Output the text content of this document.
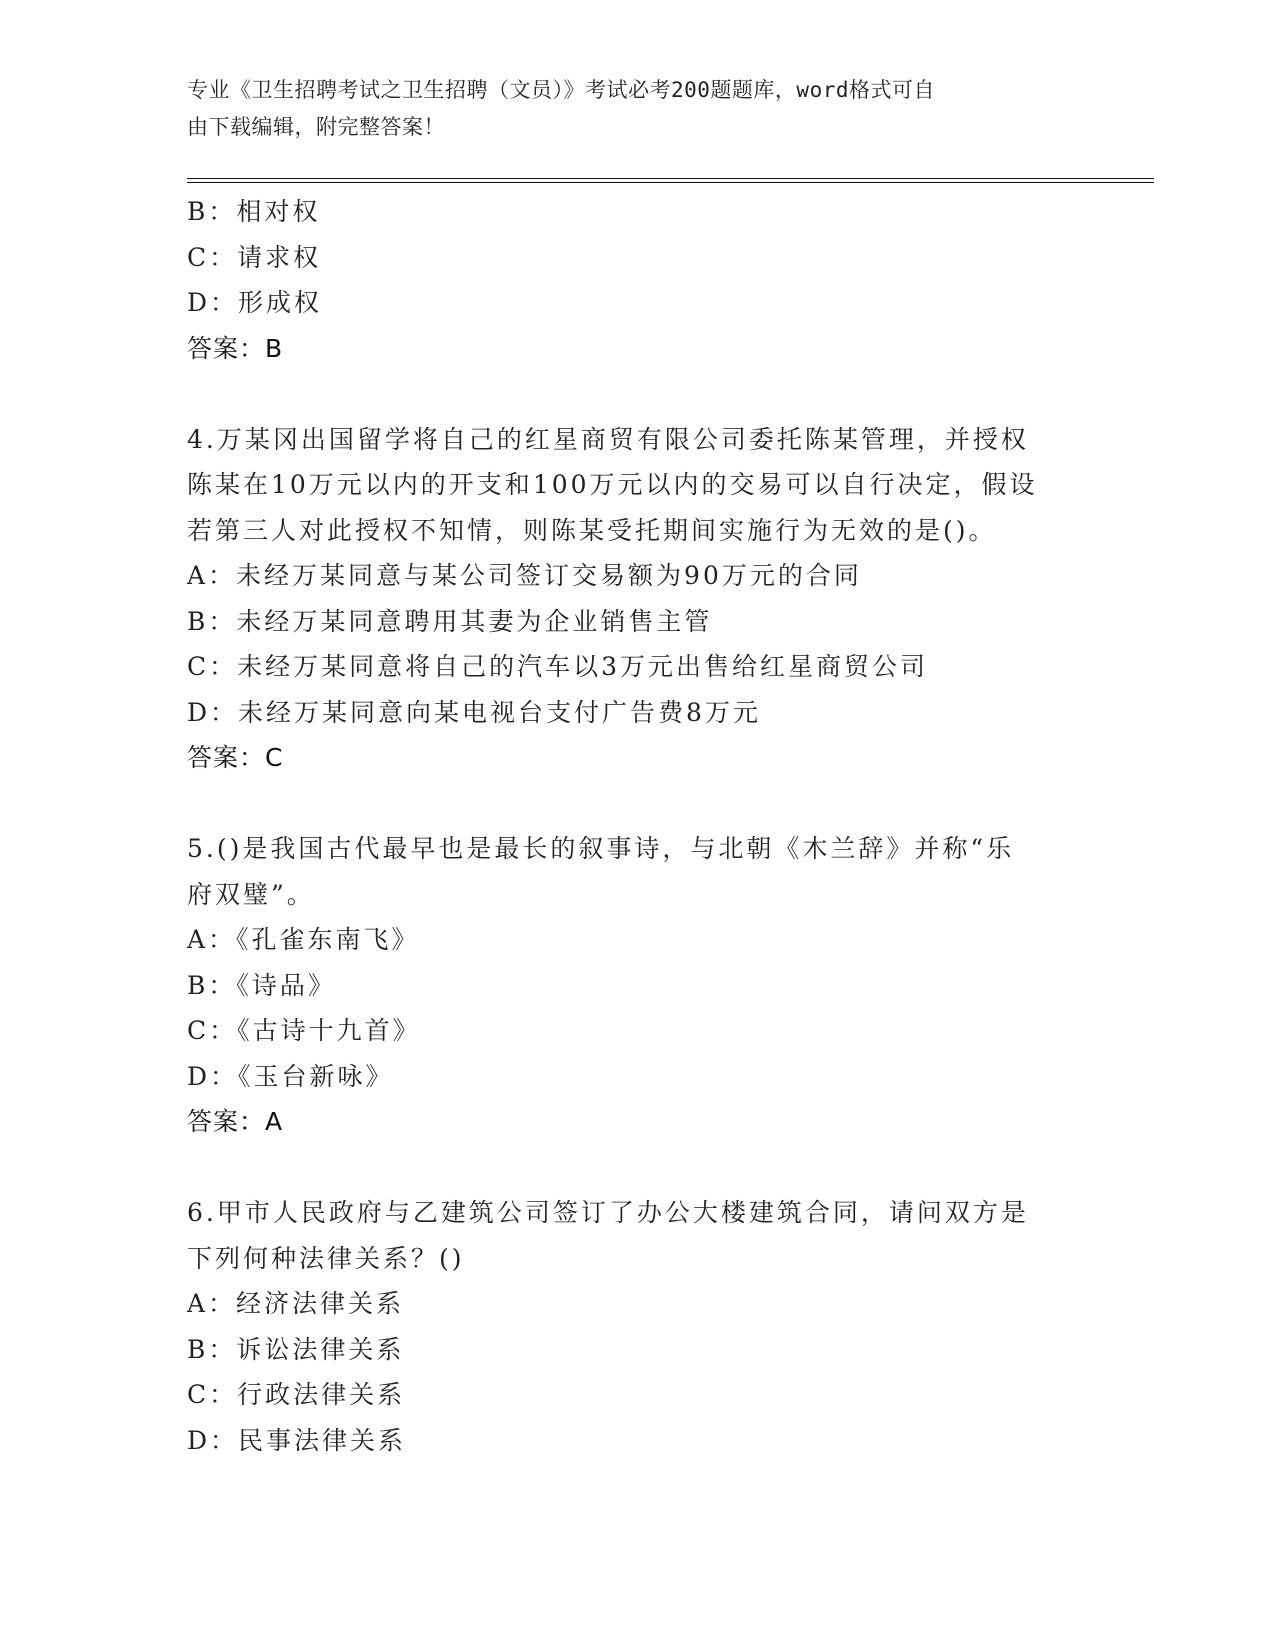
专业《卫生招聘考试之卫生招聘（文员）》考试必考200题题库，word格式可自
由下载编辑，附完整答案！
B：相对权
C：请求权
D：形成权
答案：B
4.万某冈出国留学将自己的红星商贸有限公司委托陈某管理，并授权
陈某在10万元以内的开支和100万元以内的交易可以自行决定，假设
若第三人对此授权不知情，则陈某受托期间实施行为无效的是()。
A：未经万某同意与某公司签订交易额为90万元的合同
B：未经万某同意聘用其妻为企业销售主管
C：未经万某同意将自己的汽车以3万元出售给红星商贸公司
D：未经万某同意向某电视台支付广告费8万元
答案：C
5.()是我国古代最早也是最长的叙事诗，与北朝《木兰辞》并称“乐
府双璧”。
A：《孔雀东南飞》
B：《诗品》
C：《古诗十九首》
D：《玉台新咏》
答案：A
6.甲市人民政府与乙建筑公司签订了办公大楼建筑合同，请问双方是
下列何种法律关系？()
A：经济法律关系
B：诉讼法律关系
C：行政法律关系
D：民事法律关系
